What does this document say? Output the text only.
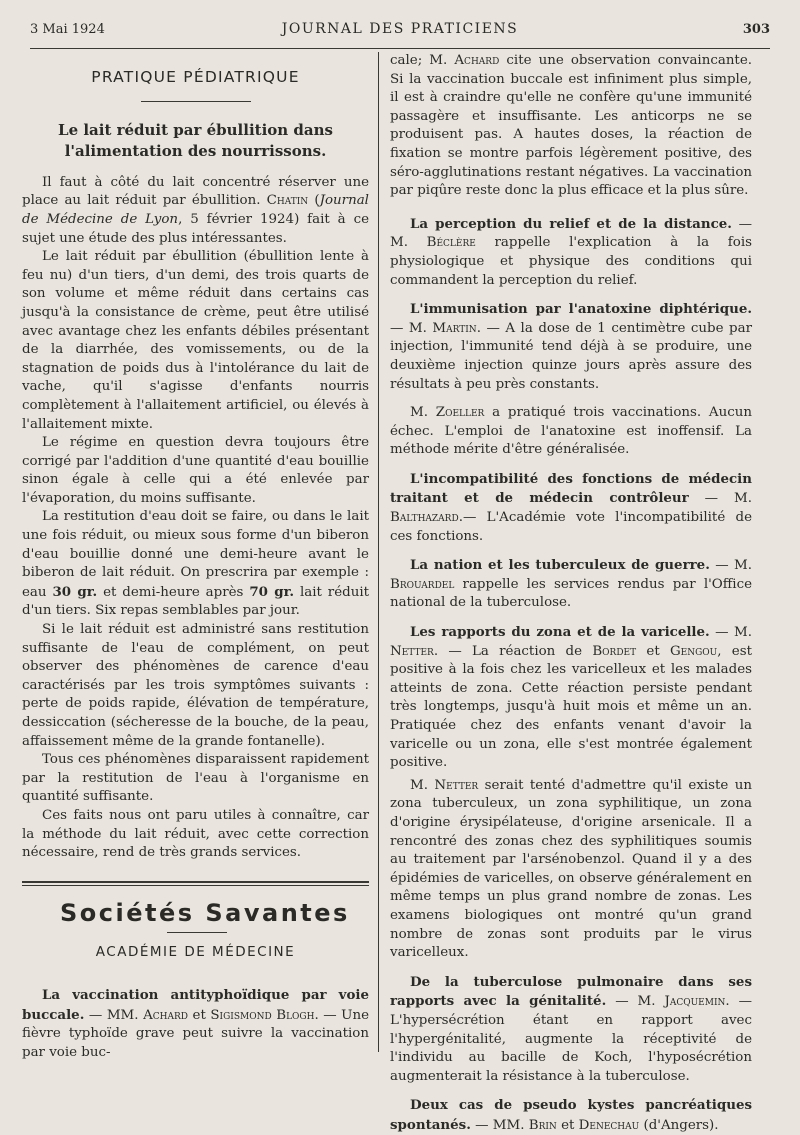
3 Mai 1924	JOURNAL DES PRATICIENS	303
PRATIQUE PÉDIATRIQUE
Le lait réduit par ébullition dans l'alimentation des nourrissons.

Il faut à côté du lait concentré réserver une place au lait réduit par ébullition. Chatin (Journal de Médecine de Lyon, 5 février 1924) fait à ce sujet une étude des plus intéressantes.

Le lait réduit par ébullition (ébullition lente à feu nu) d'un tiers, d'un demi, des trois quarts de son volume et même réduit dans certains cas jusqu'à la consistance de crème, peut être utilisé avec avantage chez les enfants débiles présentant de la diarrhée, des vomissements, ou de la stagnation de poids dus à l'intolérance du lait de vache, qu'il s'agisse d'enfants nourris complètement à l'allaitement artificiel, ou élevés à l'allaitement mixte.

Le régime en question devra toujours être corrigé par l'addition d'une quantité d'eau bouillie sinon égale à celle qui a été enlevée par l'évaporation, du moins suffisante.

La restitution d'eau doit se faire, ou dans le lait une fois réduit, ou mieux sous forme d'un biberon d'eau bouillie donné une demi-heure avant le biberon de lait réduit. On prescrira par exemple : eau 30 gr. et demi-heure après 70 gr. lait réduit d'un tiers. Six repas semblables par jour.

Si le lait réduit est administré sans restitution suffisante de l'eau de complément, on peut observer des phénomènes de carence d'eau caractérisés par les trois symptômes suivants : perte de poids rapide, élévation de température, dessiccation (sécheresse de la bouche, de la peau, affaissement même de la grande fontanelle).

Tous ces phénomènes disparaissent rapidement par la restitution de l'eau à l'organisme en quantité suffisante.

Ces faits nous ont paru utiles à connaître, car la méthode du lait réduit, avec cette correction nécessaire, rend de très grands services.

Sociétés Savantes
ACADÉMIE DE MÉDECINE

La vaccination antityphoïdique par voie buccale. — MM. Achard et Sigismond Blogh. — Une fièvre typhoïde grave peut suivre la vaccination par voie buc-

cale; M. Achard cite une observation convaincante. Si la vaccination buccale est infiniment plus simple, il est à craindre qu'elle ne confère qu'une immunité passagère et insuffisante. Les anticorps ne se produisent pas. A hautes doses, la réaction de fixation se montre parfois légèrement positive, des séro-agglutinations restant négatives. La vaccination par piqûre reste donc la plus efficace et la plus sûre.

La perception du relief et de la distance. — M. Béclère rappelle l'explication à la fois physiologique et physique des conditions qui commandent la perception du relief.

L'immunisation par l'anatoxine diphtérique. — M. Martin. — A la dose de 1 centimètre cube par injection, l'immunité tend déjà à se produire, une deuxième injection quinze jours après assure des résultats à peu près constants.

M. Zoeller a pratiqué trois vaccinations. Aucun échec. L'emploi de l'anatoxine est inoffensif. La méthode mérite d'être généralisée.

L'incompatibilité des fonctions de médecin traitant et de médecin contrôleur — M. Balthazard.— L'Académie vote l'incompatibilité de ces fonctions.

La nation et les tuberculeux de guerre. — M. Brouardel rappelle les services rendus par l'Office national de la tuberculose.

Les rapports du zona et de la varicelle. — M. Netter. — La réaction de Bordet et Gengou, est positive à la fois chez les varicelleux et les malades atteints de zona. Cette réaction persiste pendant très longtemps, jusqu'à huit mois et même un an. Pratiquée chez des enfants venant d'avoir la varicelle ou un zona, elle s'est montrée également positive.

M. Netter serait tenté d'admettre qu'il existe un zona tuberculeux, un zona syphilitique, un zona d'origine érysipélateuse, d'origine arsenicale. Il a rencontré des zonas chez des syphilitiques soumis au traitement par l'arsénobenzol. Quand il y a des épidémies de varicelles, on observe généralement en même temps un plus grand nombre de zonas. Les examens biologiques ont montré qu'un grand nombre de zonas sont produits par le virus varicelleux.

De la tuberculose pulmonaire dans ses rapports avec la génitalité. — M. Jacquemin. — L'hypersécrétion étant en rapport avec l'hypergénitalité, augmente la réceptivité de l'individu au bacille de Koch, l'hyposécrétion augmenterait la résistance à la tuberculose.

Deux cas de pseudo kystes pancréatiques spontanés. — MM. Brin et Denechau (d'Angers).
